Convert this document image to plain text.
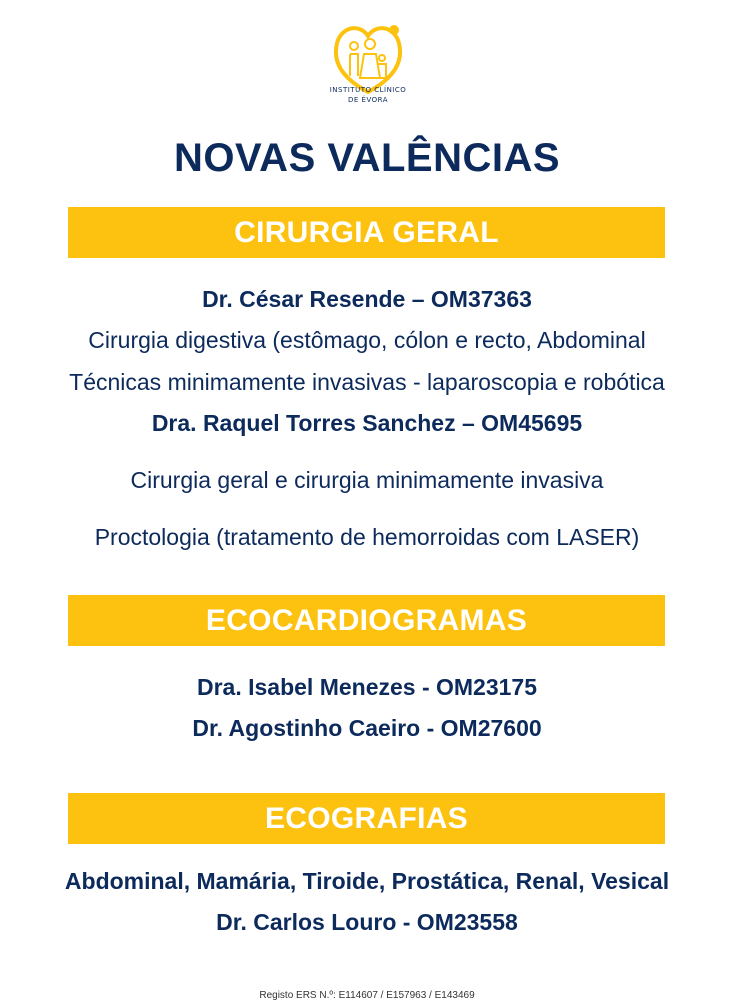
INSTITUTO CLÍNICO
DE ÉVORA
NOVAS VALÊNCIAS
CIRURGIA GERAL
Dr. César Resende – OM37363
Cirurgia digestiva (estômago, cólon e recto, Abdominal
Técnicas minimamente invasivas - laparoscopia e robótica
Dra. Raquel Torres Sanchez – OM45695
Cirurgia geral e cirurgia minimamente invasiva
Proctologia (tratamento de hemorroidas com LASER)
ECOCARDIOGRAMAS
Dra. Isabel Menezes - OM23175
Dr. Agostinho Caeiro - OM27600
ECOGRAFIAS
Abdominal, Mamária, Tiroide, Prostática, Renal, Vesical
Dr. Carlos Louro - OM23558
Registo ERS N.º: E114607 / E157963 / E143469
